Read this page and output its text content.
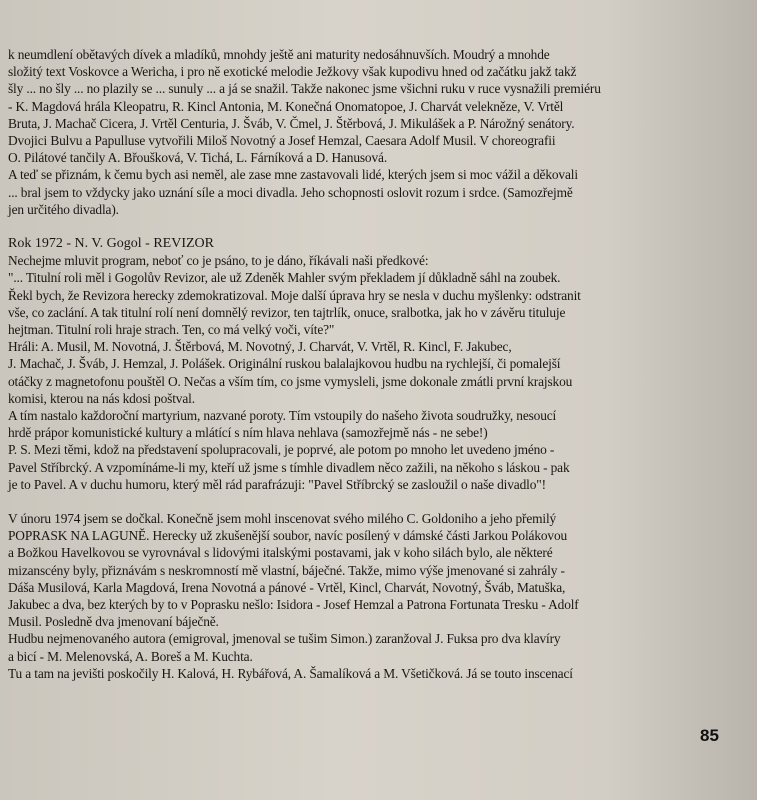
k neumdlení obětavých dívek a mladíků, mnohdy ještě ani maturity nedosáhnuvších. Moudrý a mnohde
složitý text Voskovce a Wericha, i pro ně exotické melodie Ježkovy však kupodivu hned od začátku jakž takž
šly ... no šly ... no plazily se ... sunuly ... a já se snažil. Takže nakonec jsme všichni ruku v ruce vysnažili premiéru
- K. Magdová hrála Kleopatru, R. Kincl Antonia, M. Konečná Onomatopoe, J. Charvát velekněze, V. Vrtěl
Bruta, J. Machač Cicera, J. Vrtěl Centuria, J. Šváb, V. Čmel, J. Štěrbová, J. Mikulášek a P. Nárožný senátory.
Dvojici Bulvu a Papulluse vytvořili Miloš Novotný a Josef Hemzal, Caesara Adolf Musil. V choreografii
O. Pilátové tančily A. Břoušková, V. Tichá, L. Fárníková a D. Hanusová.
A teď se přiznám, k čemu bych asi neměl, ale zase mne zastavovali lidé, kterých jsem si moc vážil a děkovali
... bral jsem to vždycky jako uznání síle a moci divadla. Jeho schopnosti oslovit rozum i srdce. (Samozřejmě
jen určitého divadla).
Rok 1972 - N. V. Gogol - REVIZOR
Nechejme mluvit program, neboť co je psáno, to je dáno, říkávali naši předkové:
"... Titulní roli měl i Gogolův Revizor, ale už Zdeněk Mahler svým překladem jí důkladně sáhl na zoubek.
Řekl bych, že Revizora herecky zdemokratizoval. Moje další úprava hry se nesla v duchu myšlenky: odstranit
vše, co zaclání. A tak titulní rolí není domnělý revizor, ten tajtrlík, onuce, sralbotka, jak ho v závěru tituluje
hejtman. Titulní roli hraje strach. Ten, co má velký voči, víte?"
Hráli: A. Musil, M. Novotná, J. Štěrbová, M. Novotný, J. Charvát, V. Vrtěl, R. Kincl, F. Jakubec,
J. Machač, J. Šváb, J. Hemzal, J. Polášek. Originální ruskou balalajkovou hudbu na rychlejší, či pomalejší
otáčky z magnetofonu pouštěl O. Nečas a vším tím, co jsme vymysleli, jsme dokonale zmátli první krajskou
komisi, kterou na nás kdosi poštval.
A tím nastalo každoroční martyrium, nazvané poroty. Tím vstoupily do našeho života soudružky, nesoucí
hrdě prápor komunistické kultury a mlátící s ním hlava nehlava (samozřejmě nás - ne sebe!)
P. S. Mezi těmi, kdož na představení spolupracovali, je poprvé, ale potom po mnoho let uvedeno jméno -
Pavel Stříbrcký. A vzpomínáme-li my, kteří už jsme s tímhle divadlem něco zažili, na někoho s láskou - pak
je to Pavel. A v duchu humoru, který měl rád parafrázuji: "Pavel Stříbrcký se zasloužil o naše divadlo"!
V únoru 1974 jsem se dočkal. Konečně jsem mohl inscenovat svého milého C. Goldoniho a jeho přemilý
POPRASK NA LAGUNĚ. Herecky už zkušenější soubor, navíc posílený v dámské části Jarkou Polákovou
a Božkou Havelkovou se vyrovnával s lidovými italskými postavami, jak v koho silách bylo, ale některé
mizanscény byly, přiznávám s neskromností mě vlastní, báječné. Takže, mimo výše jmenované si zahrály -
Dáša Musilová, Karla Magdová, Irena Novotná a pánové - Vrtěl, Kincl, Charvát, Novotný, Šváb, Matuška,
Jakubec a dva, bez kterých by to v Poprasku nešlo: Isidora - Josef Hemzal a Patrona Fortunata Tresku - Adolf
Musil. Posledně dva jmenovaní báječně.
Hudbu nejmenovaného autora (emigroval, jmenoval se tušim Simon.) zaranžoval J. Fuksa pro dva klavíry
a bicí - M. Melenovská, A. Boreš a M. Kuchta.
Tu a tam na jevišti poskočily H. Kalová, H. Rybářová, A. Šamalíková a M. Všetičková. Já se touto inscenací
85
